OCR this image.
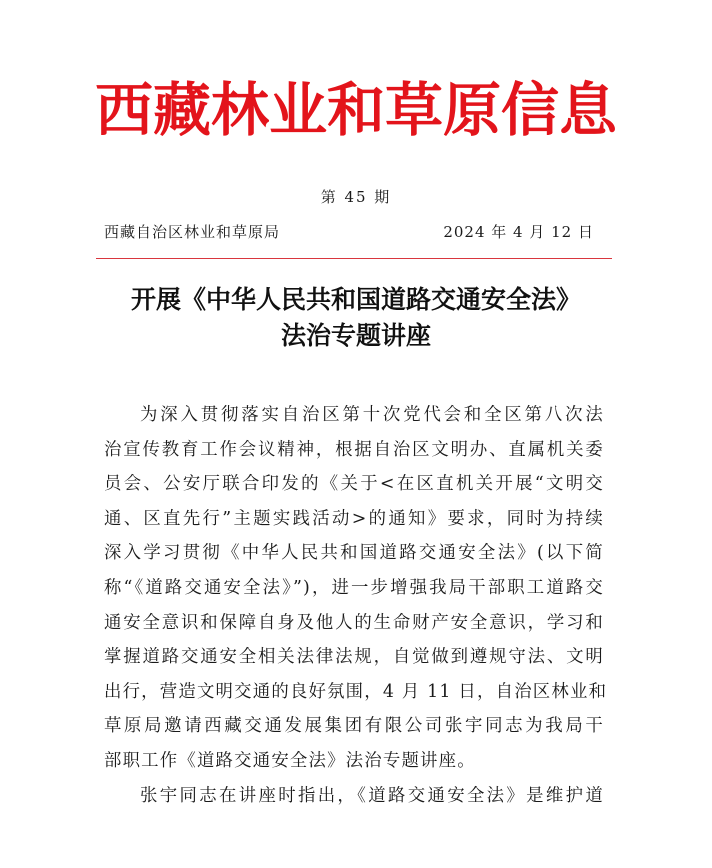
西藏林业和草原信息
第 45 期
西藏自治区林业和草原局	2024 年 4 月 12 日
开展《中华人民共和国道路交通安全法》
法治专题讲座
为深入贯彻落实自治区第十次党代会和全区第八次法
治宣传教育工作会议精神，根据自治区文明办、直属机关委
员会、公安厅联合印发的《关于<在区直机关开展“文明交
通、区直先行”主题实践活动>的通知》要求，同时为持续
深入学习贯彻《中华人民共和国道路交通安全法》(以下简
称“《道路交通安全法》”)，进一步增强我局干部职工道路交
通安全意识和保障自身及他人的生命财产安全意识，学习和
掌握道路交通安全相关法律法规，自觉做到遵规守法、文明
出行，营造文明交通的良好氛围，4 月 11 日，自治区林业和
草原局邀请西藏交通发展集团有限公司张宇同志为我局干
部职工作《道路交通安全法》法治专题讲座。
张宇同志在讲座时指出，《道路交通安全法》是维护道
